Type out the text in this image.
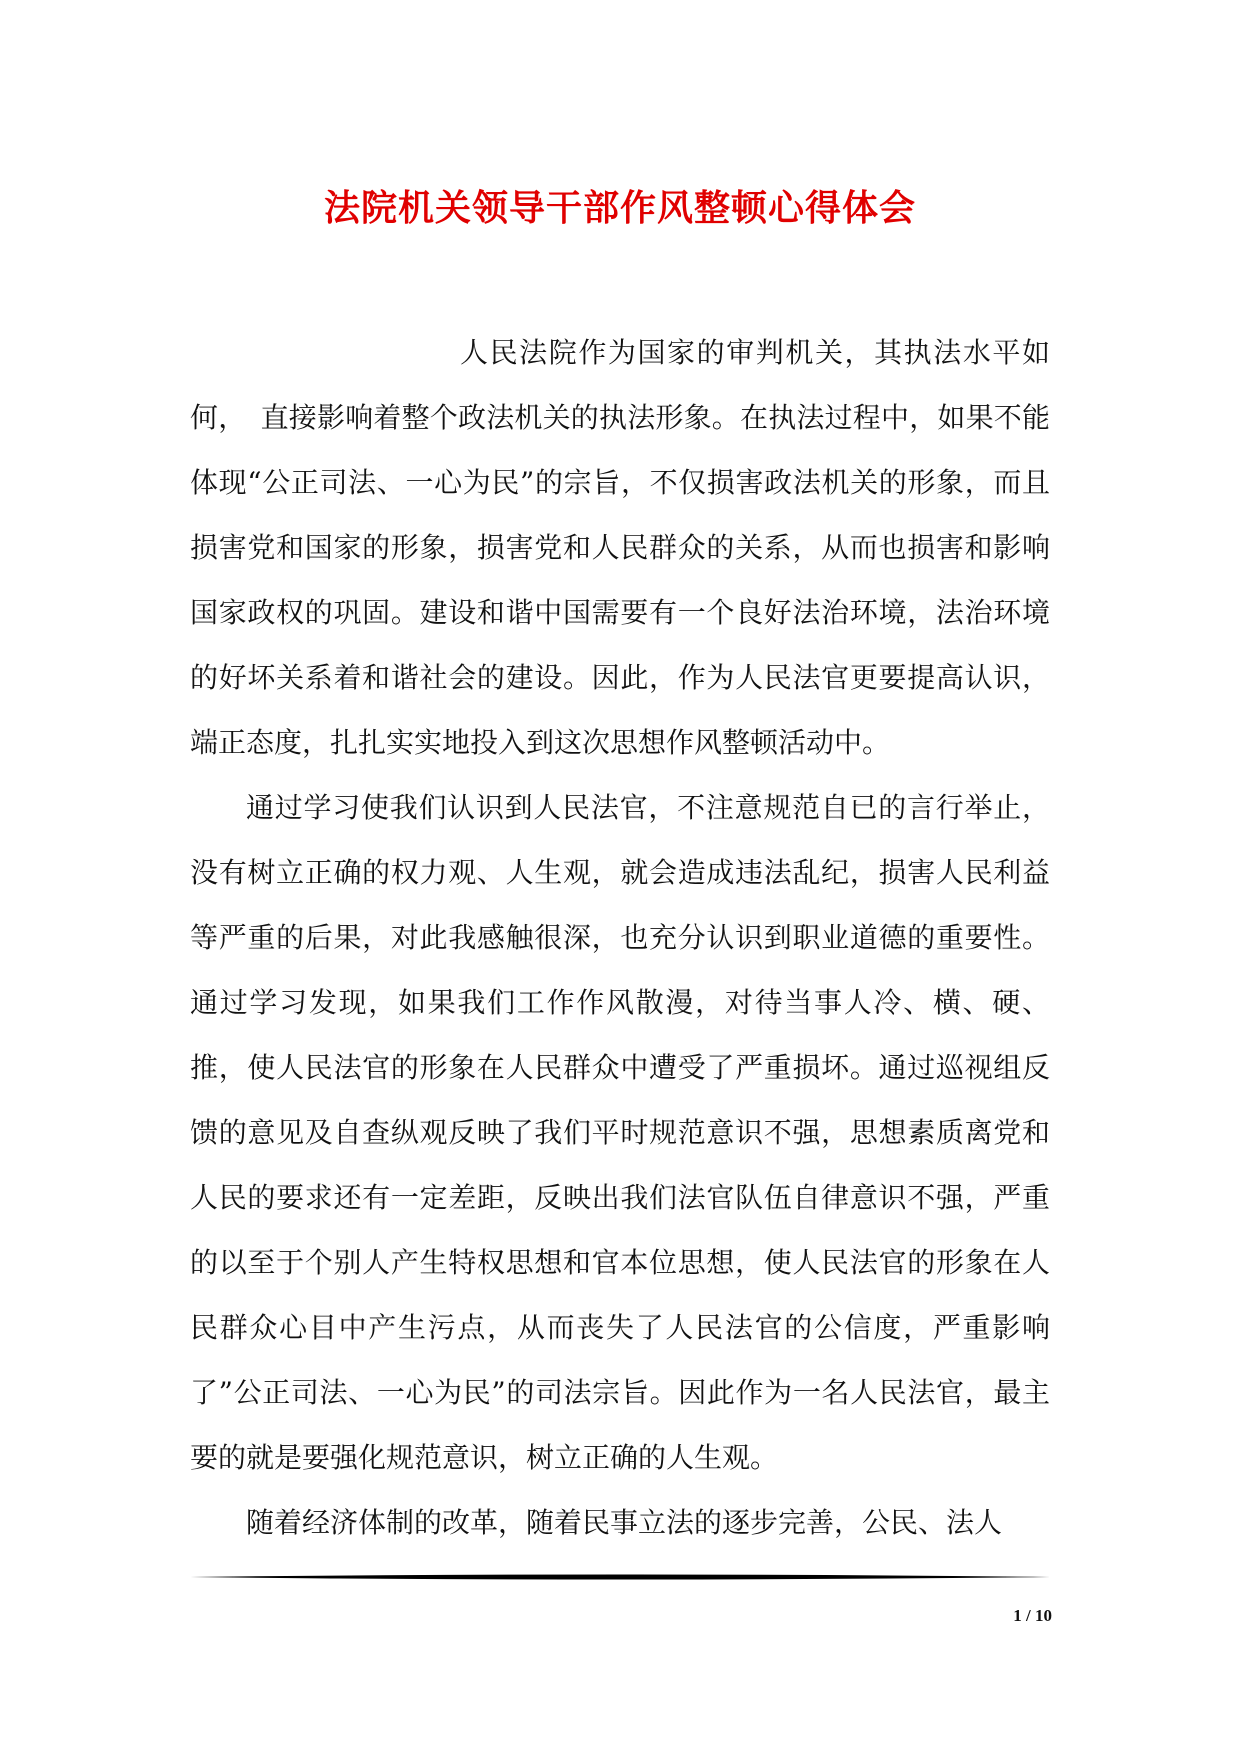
法院机关领导干部作风整顿心得体会

人民法院作为国家的审判机关，其执法水平如何，　直接影响着整个政法机关的执法形象。在执法过程中，如果不能体现“公正司法、一心为民”的宗旨，不仅损害政法机关的形象，而且损害党和国家的形象，损害党和人民群众的关系，从而也损害和影响国家政权的巩固。建设和谐中国需要有一个良好法治环境，法治环境的好坏关系着和谐社会的建设。因此，作为人民法官更要提高认识，端正态度，扎扎实实地投入到这次思想作风整顿活动中。

通过学习使我们认识到人民法官，不注意规范自已的言行举止，没有树立正确的权力观、人生观，就会造成违法乱纪，损害人民利益等严重的后果，对此我感触很深，也充分认识到职业道德的重要性。通过学习发现，如果我们工作作风散漫，对待当事人冷、横、硬、推，使人民法官的形象在人民群众中遭受了严重损坏。通过巡视组反馈的意见及自查纵观反映了我们平时规范意识不强，思想素质离党和人民的要求还有一定差距，反映出我们法官队伍自律意识不强，严重的以至于个别人产生特权思想和官本位思想，使人民法官的形象在人民群众心目中产生污点，从而丧失了人民法官的公信度，严重影响了”公正司法、一心为民”的司法宗旨。因此作为一名人民法官，最主要的就是要强化规范意识，树立正确的人生观。

随着经济体制的改革，随着民事立法的逐步完善，公民、法人

1 / 10
